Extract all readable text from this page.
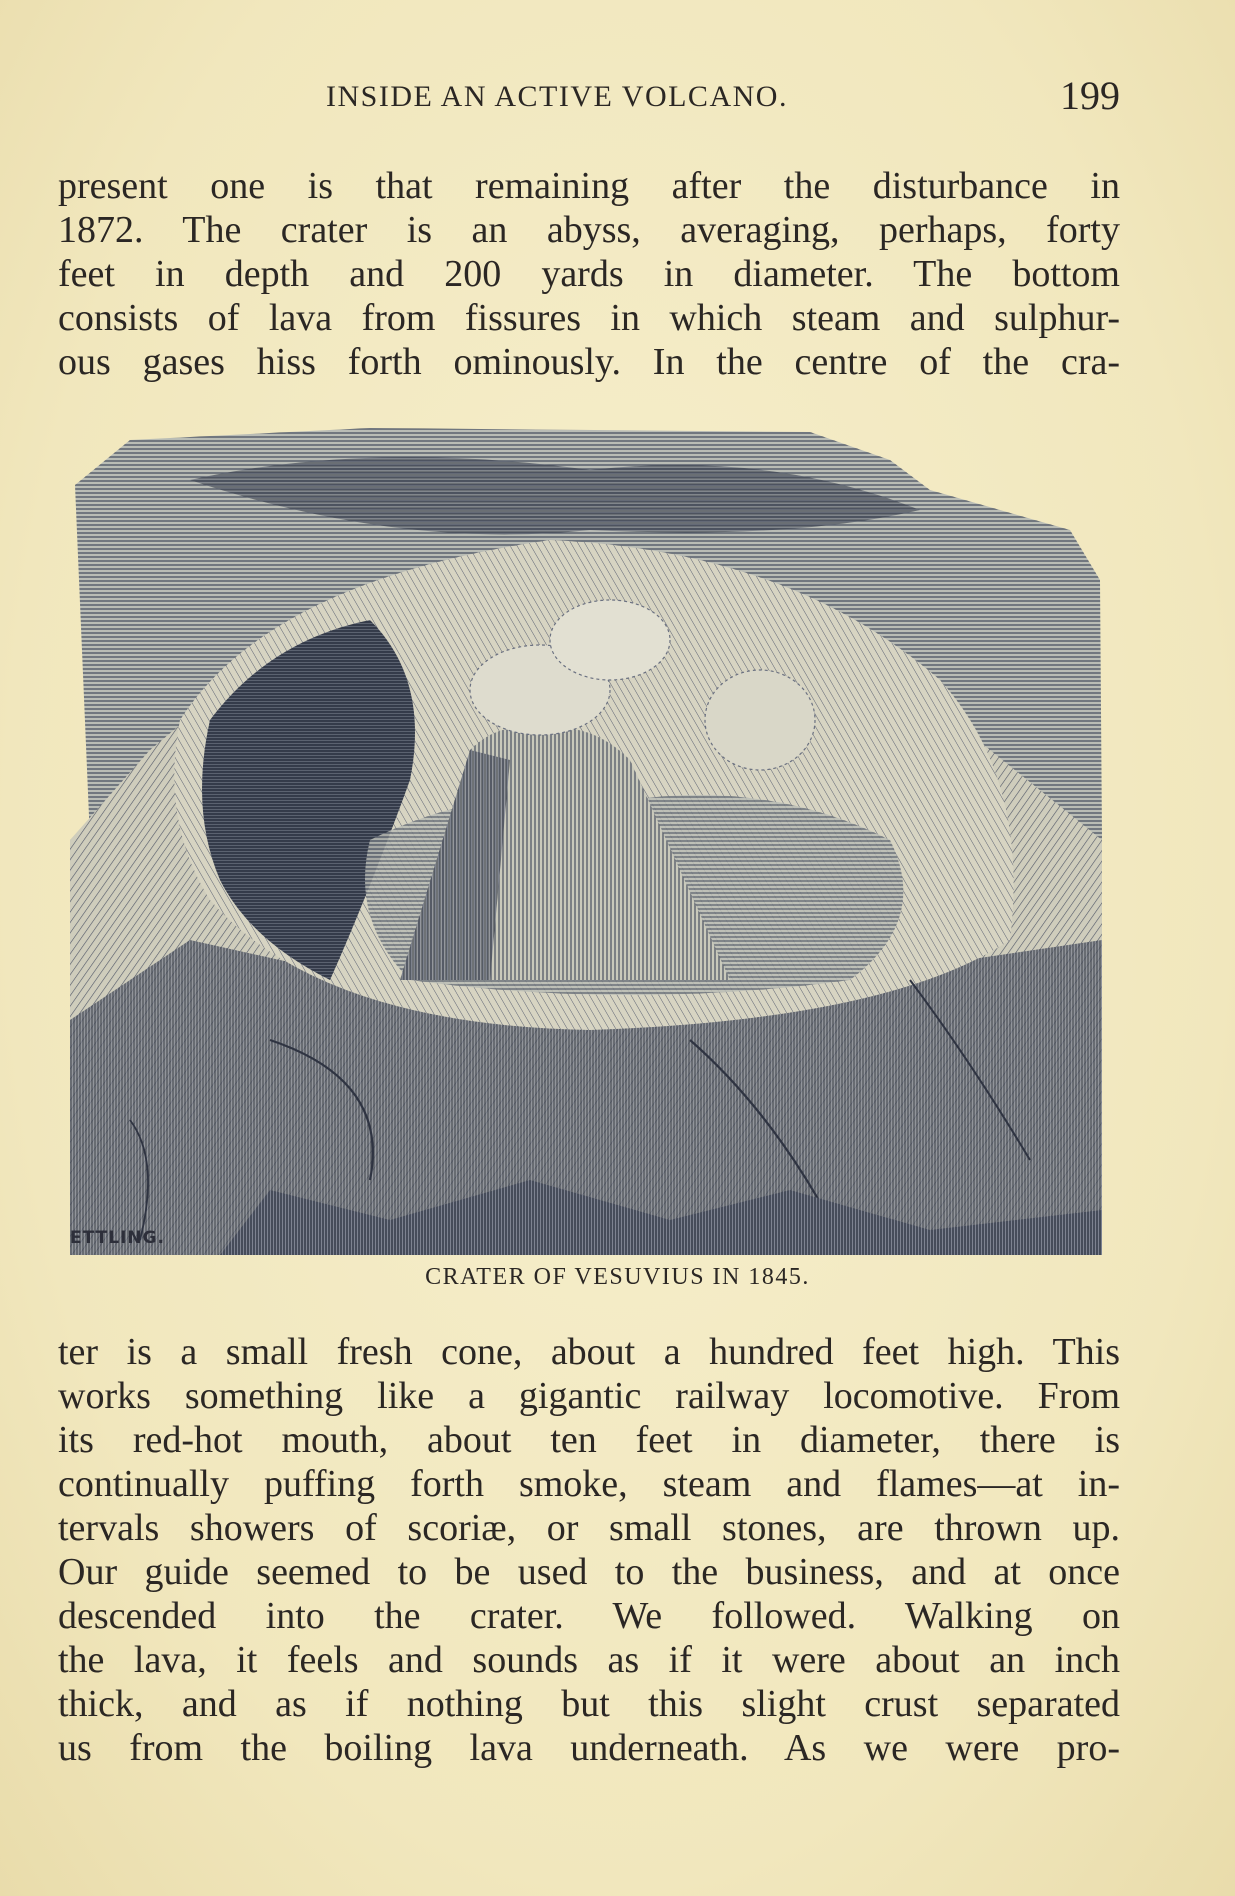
INSIDE AN ACTIVE VOLCANO.	199
present one is that remaining after the disturbance in
1872. The crater is an abyss, averaging, perhaps, forty
feet in depth and 200 yards in diameter. The bottom
consists of lava from fissures in which steam and sulphur-
ous gases hiss forth ominously. In the centre of the cra-
ETTLING.
CRATER OF VESUVIUS IN 1845.
ter is a small fresh cone, about a hundred feet high. This
works something like a gigantic railway locomotive. From
its red-hot mouth, about ten feet in diameter, there is
continually puffing forth smoke, steam and flames—at in-
tervals showers of scoriæ, or small stones, are thrown up.
Our guide seemed to be used to the business, and at once
descended into the crater. We followed. Walking on
the lava, it feels and sounds as if it were about an inch
thick, and as if nothing but this slight crust separated
us from the boiling lava underneath. As we were pro-
